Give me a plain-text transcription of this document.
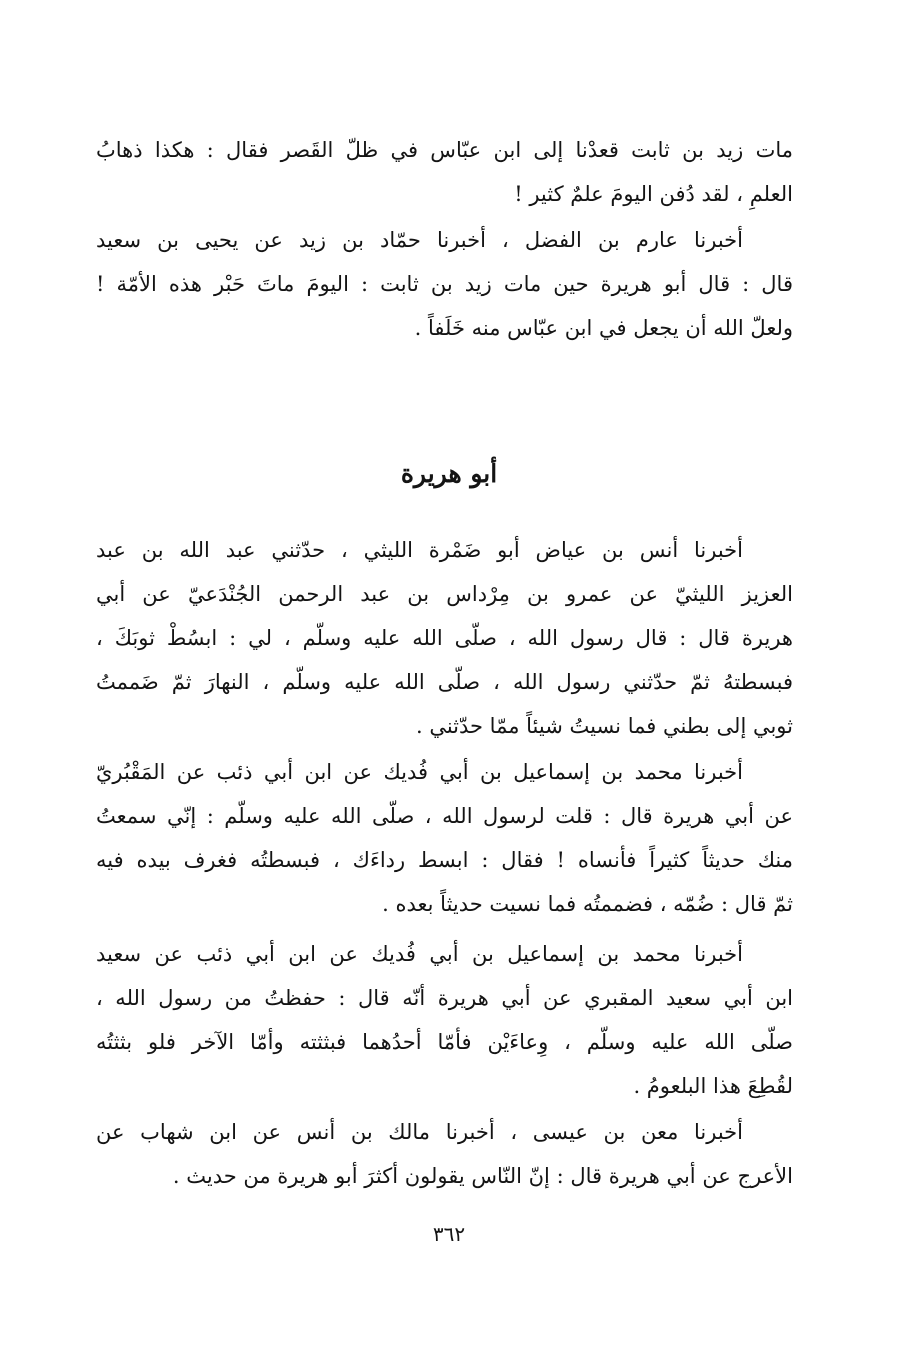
مات زيد بن ثابت قعدْنا إلى ابن عبّاس في ظلّ القَصر فقال : هكذا ذهابُ
العلمِ ، لقد دُفن اليومَ علمٌ كثير !
أخبرنا عارم بن الفضل ، أخبرنا حمّاد بن زيد عن يحيى بن سعيد
قال : قال أبو هريرة حين مات زيد بن ثابت : اليومَ ماتَ حَبْر هذه الأمّة !
ولعلّ الله أن يجعل في ابن عبّاس منه خَلَفاً .
أبو هريرة
أخبرنا أنس بن عياض أبو ضَمْرة الليثي ، حدّثني عبد الله بن عبد
العزيز الليثيّ عن عمرو بن مِرْداس بن عبد الرحمن الجُنْدَعيّ عن أبي
هريرة قال : قال رسول الله ، صلّى الله عليه وسلّم ، لي : ابسُطْ ثوبَكَ ،
فبسطتهُ ثمّ حدّثني رسول الله ، صلّى الله عليه وسلّم ، النهارَ ثمّ ضَممتُ
ثوبي إلى بطني فما نسيتُ شيئاً ممّا حدّثني .
أخبرنا محمد بن إسماعيل بن أبي فُديك عن ابن أبي ذئب عن المَقْبُريّ
عن أبي هريرة قال : قلت لرسول الله ، صلّى الله عليه وسلّم : إنّي سمعتُ
منك حديثاً كثيراً فأنساه ! فقال : ابسط رداءَك ، فبسطتُه فغرف بيده فيه
ثمّ قال : ضُمّه ، فضممتُه فما نسيت حديثاً بعده .
أخبرنا محمد بن إسماعيل بن أبي فُديك عن ابن أبي ذئب عن سعيد
ابن أبي سعيد المقبري عن أبي هريرة أنّه قال : حفظتُ من رسول الله ،
صلّى الله عليه وسلّم ، وِعاءَيْن فأمّا أحدُهما فبثثته وأمّا الآخر فلو بثثتُه
لقُطِعَ هذا البلعومُ .
أخبرنا معن بن عيسى ، أخبرنا مالك بن أنس عن ابن شهاب عن
الأعرج عن أبي هريرة قال : إنّ النّاس يقولون أكثرَ أبو هريرة من حديث .
٣٦٢
